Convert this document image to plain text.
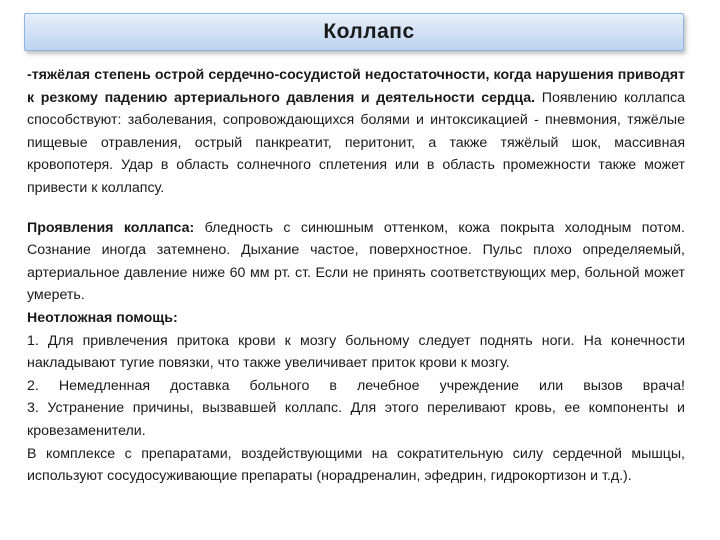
Коллапс

-тяжёлая степень острой сердечно-сосудистой недостаточности, когда нарушения приводят к резкому падению артериального давления и деятельности сердца. Появлению коллапса способствуют: заболевания, сопровождающихся болями и интоксикацией - пневмония, тяжёлые пищевые отравления, острый панкреатит, перитонит, а также тяжёлый шок, массивная кровопотеря. Удар в область солнечного сплетения или в область промежности также может привести к коллапсу.

Проявления коллапса: бледность с синюшным оттенком, кожа покрыта холодным потом. Сознание иногда затемнено. Дыхание частое, поверхностное. Пульс плохо определяемый, артериальное давление ниже 60 мм рт. ст. Если не принять соответствующих мер, больной может умереть.

Неотложная помощь:

1. Для привлечения притока крови к мозгу больному следует поднять ноги. На конечности накладывают тугие повязки, что также увеличивает приток крови к мозгу.

2. Немедленная доставка больного в лечебное учреждение или вызов врача!

3. Устранение причины, вызвавшей коллапс. Для этого переливают кровь, ее компоненты и кровезаменители.

В комплексе с препаратами, воздействующими на сократительную силу сердечной мышцы, используют сосудосуживающие препараты (норадреналин, эфедрин, гидрокортизон и т.д.).
